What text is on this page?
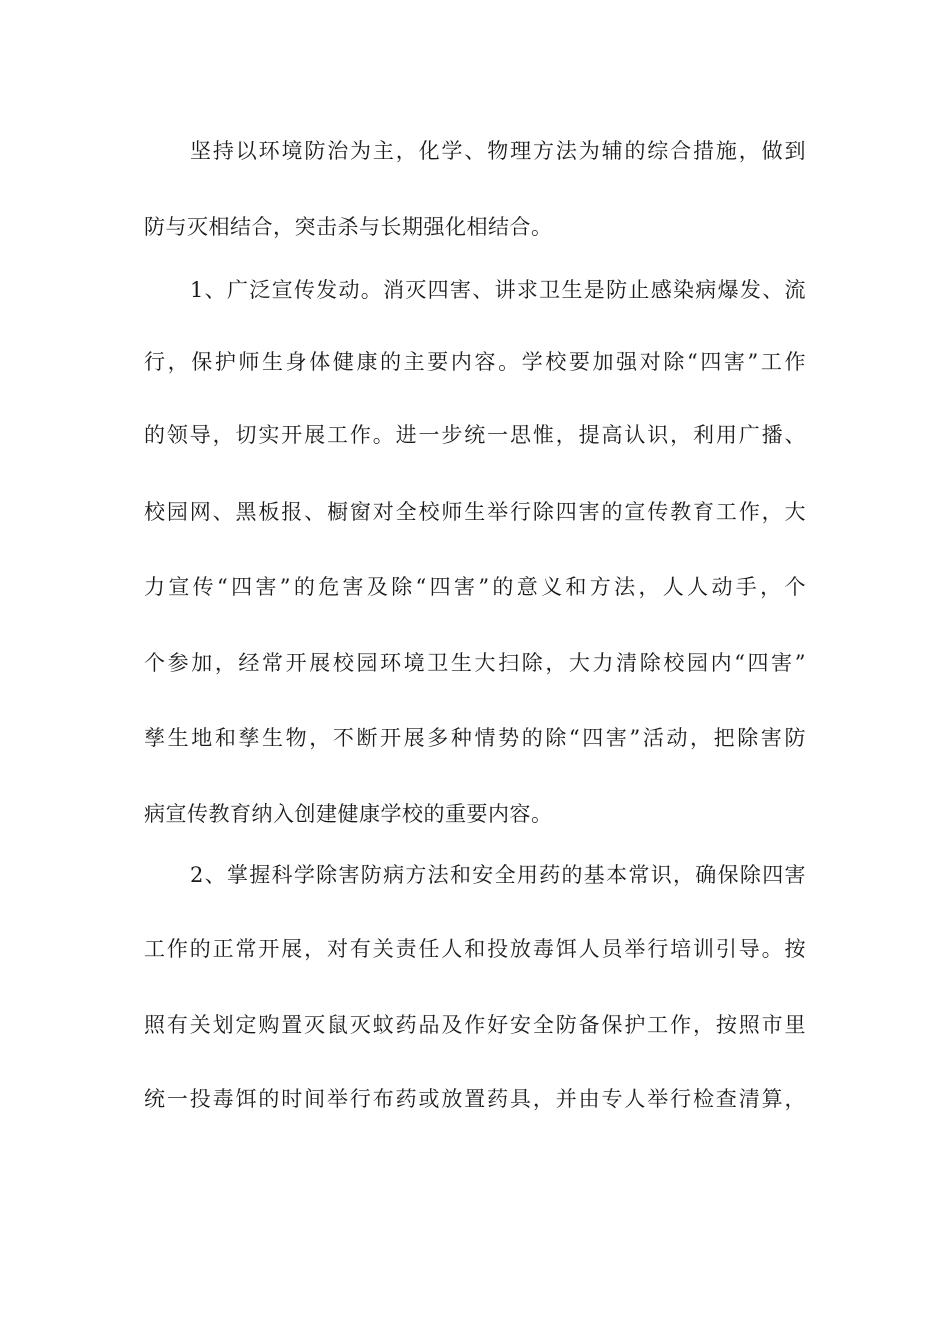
坚持以环境防治为主，化学、物理方法为辅的综合措施，做到
防与灭相结合，突击杀与长期强化相结合。
1、广泛宣传发动。消灭四害、讲求卫生是防止感染病爆发、流
行，保护师生身体健康的主要内容。学校要加强对除“四害”工作
的领导，切实开展工作。进一步统一思惟，提高认识，利用广播、
校园网、黑板报、橱窗对全校师生举行除四害的宣传教育工作，大
力宣传“四害”的危害及除“四害”的意义和方法，人人动手，个
个参加，经常开展校园环境卫生大扫除，大力清除校园内“四害”
孳生地和孳生物，不断开展多种情势的除“四害”活动，把除害防
病宣传教育纳入创建健康学校的重要内容。
2、掌握科学除害防病方法和安全用药的基本常识，确保除四害
工作的正常开展，对有关责任人和投放毒饵人员举行培训引导。按
照有关划定购置灭鼠灭蚊药品及作好安全防备保护工作，按照市里
统一投毒饵的时间举行布药或放置药具，并由专人举行检查清算，
